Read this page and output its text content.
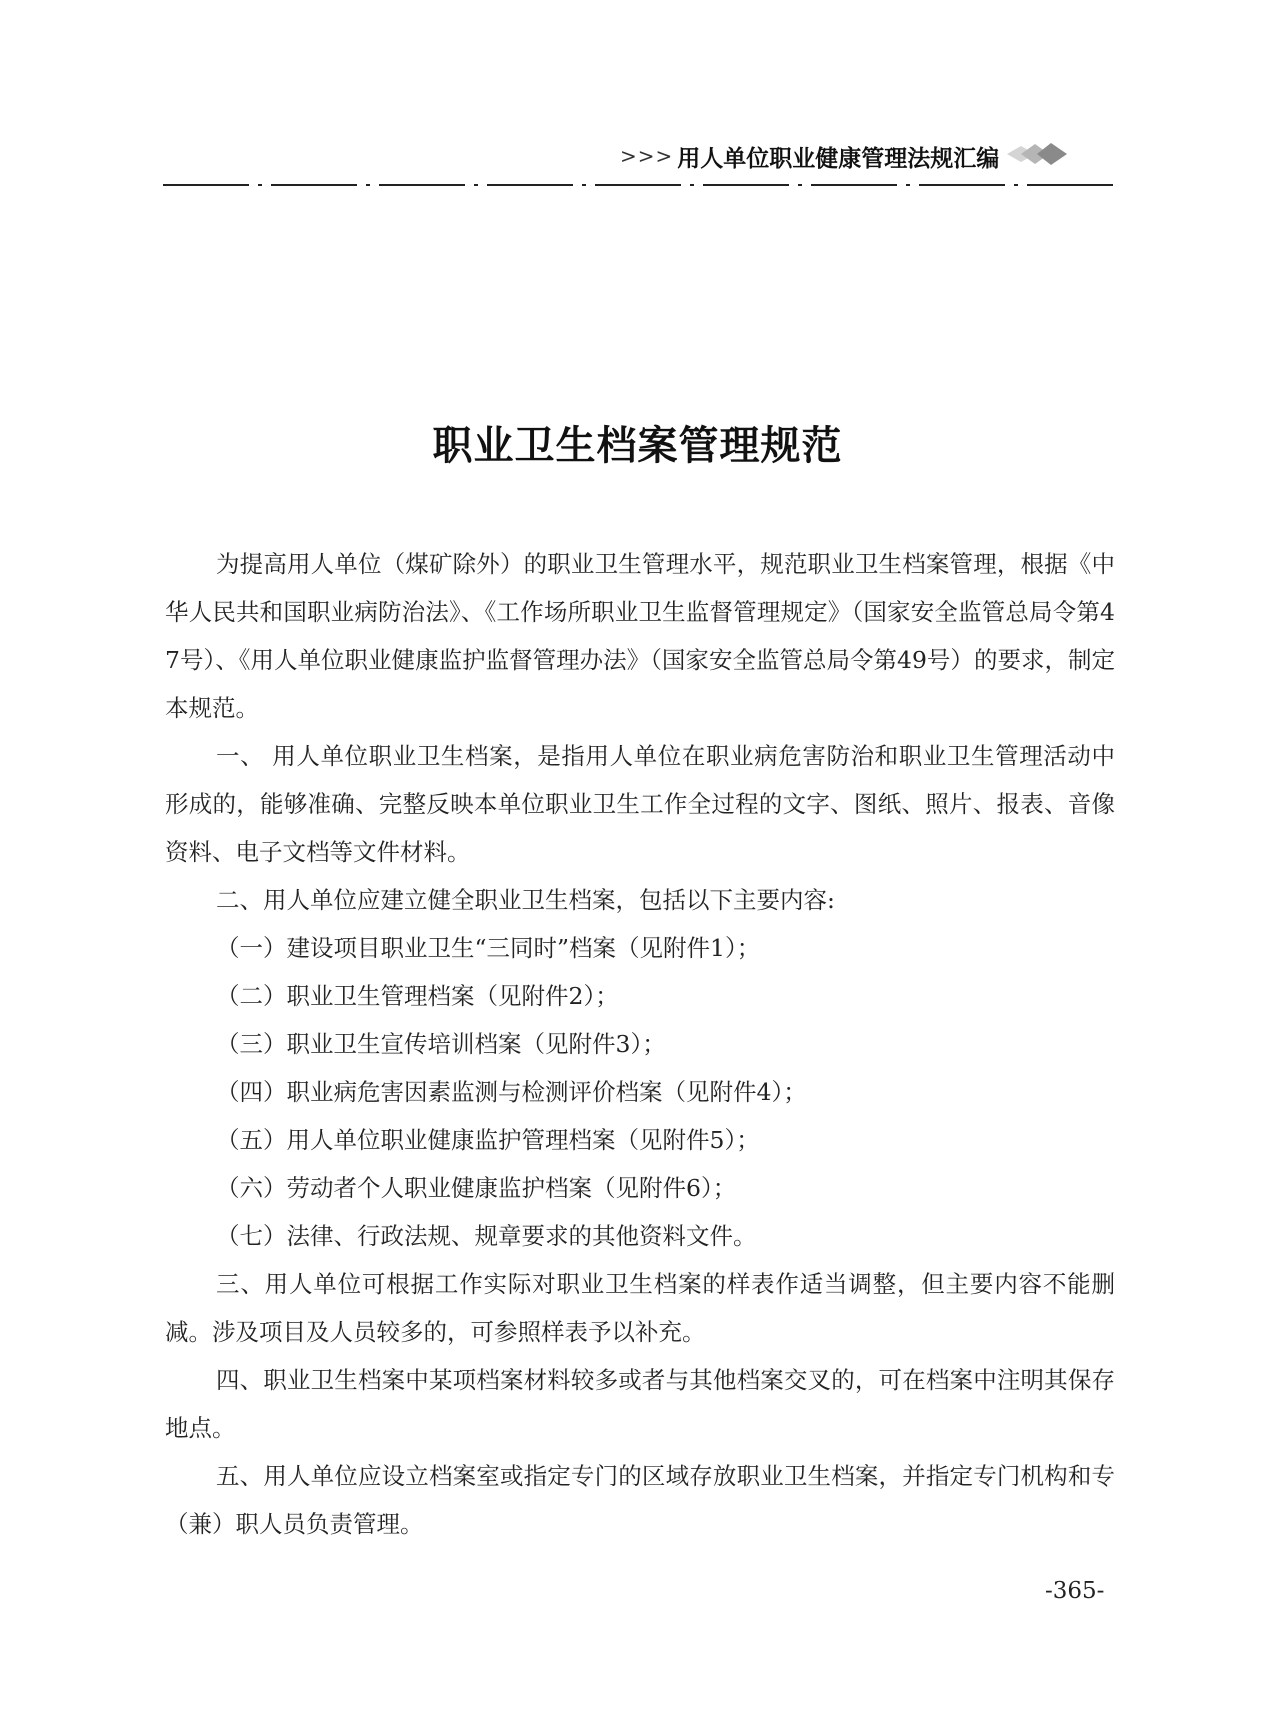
>>> 用人单位职业健康管理法规汇编
职业卫生档案管理规范

为提高用人单位（煤矿除外）的职业卫生管理水平，规范职业卫生档案管理，根据《中华人民共和国职业病防治法》、《工作场所职业卫生监督管理规定》（国家安全监管总局令第47号）、《用人单位职业健康监护监督管理办法》（国家安全监管总局令第49号）的要求，制定本规范。

一、 用人单位职业卫生档案，是指用人单位在职业病危害防治和职业卫生管理活动中形成的，能够准确、完整反映本单位职业卫生工作全过程的文字、图纸、照片、报表、音像资料、电子文档等文件材料。

二、用人单位应建立健全职业卫生档案，包括以下主要内容:

（一）建设项目职业卫生“三同时”档案（见附件1）；

（二）职业卫生管理档案（见附件2）；

（三）职业卫生宣传培训档案（见附件3）；

（四）职业病危害因素监测与检测评价档案（见附件4）；

（五）用人单位职业健康监护管理档案（见附件5）；

（六）劳动者个人职业健康监护档案（见附件6）；

（七）法律、行政法规、规章要求的其他资料文件。

三、用人单位可根据工作实际对职业卫生档案的样表作适当调整，但主要内容不能删减。涉及项目及人员较多的，可参照样表予以补充。

四、职业卫生档案中某项档案材料较多或者与其他档案交叉的，可在档案中注明其保存地点。

五、用人单位应设立档案室或指定专门的区域存放职业卫生档案，并指定专门机构和专（兼）职人员负责管理。

-365-
